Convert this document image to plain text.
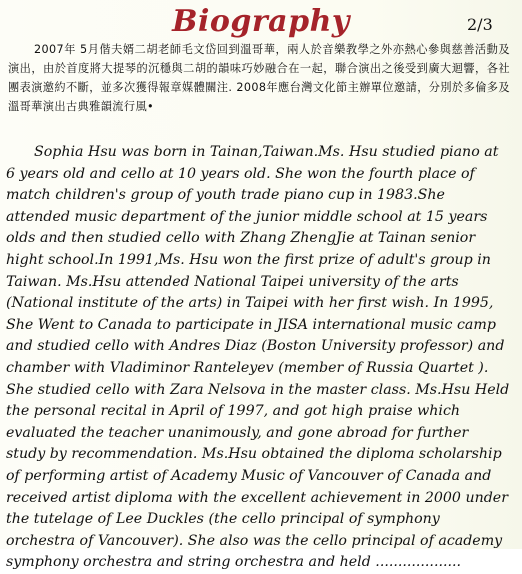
Biography	2/3

2007年 5月偕夫婿二胡老師毛文岱回到溫哥華，兩人於音樂教學之外亦熱心參與慈善活動及演出，由於首度將大提琴的沉穩與二胡的韻味巧妙融合在一起，聯合演出之後受到廣大迴響，各社團表演邀約不斷，並多次獲得報章媒體關注. 2008年應台灣文化節主辦單位邀請，分別於多倫多及溫哥華演出古典雅韻流行風•

Sophia Hsu was born in Tainan,Taiwan.Ms. Hsu studied piano at 6 years old and cello at 10 years old. She won the fourth place of match children's group of youth trade piano cup in 1983.She attended music department of the junior middle school at 15 years olds and then studied cello with Zhang ZhengJie at Tainan senior hight school.In 1991,Ms. Hsu won the first prize of adult's group in Taiwan. Ms.Hsu attended National Taipei university of the arts (National institute of the arts) in Taipei with her first wish. In 1995, She Went to Canada to participate in JISA international music camp and studied cello with Andres Diaz (Boston University professor) and chamber with Vladiminor Ranteleyev (member of Russia Quartet ). She studied cello with Zara Nelsova in the master class. Ms.Hsu Held the personal recital in April of 1997, and got high praise which evaluated the teacher unanimously, and gone abroad for further study by recommendation. Ms.Hsu obtained the diploma scholarship of performing artist of Academy Music of Vancouver of Canada and received artist diploma with the excellent achievement in 2000 under the tutelage of Lee Duckles (the cello principal of symphony orchestra of Vancouver). She also was the cello principal of academy symphony orchestra and string orchestra and held ...................
